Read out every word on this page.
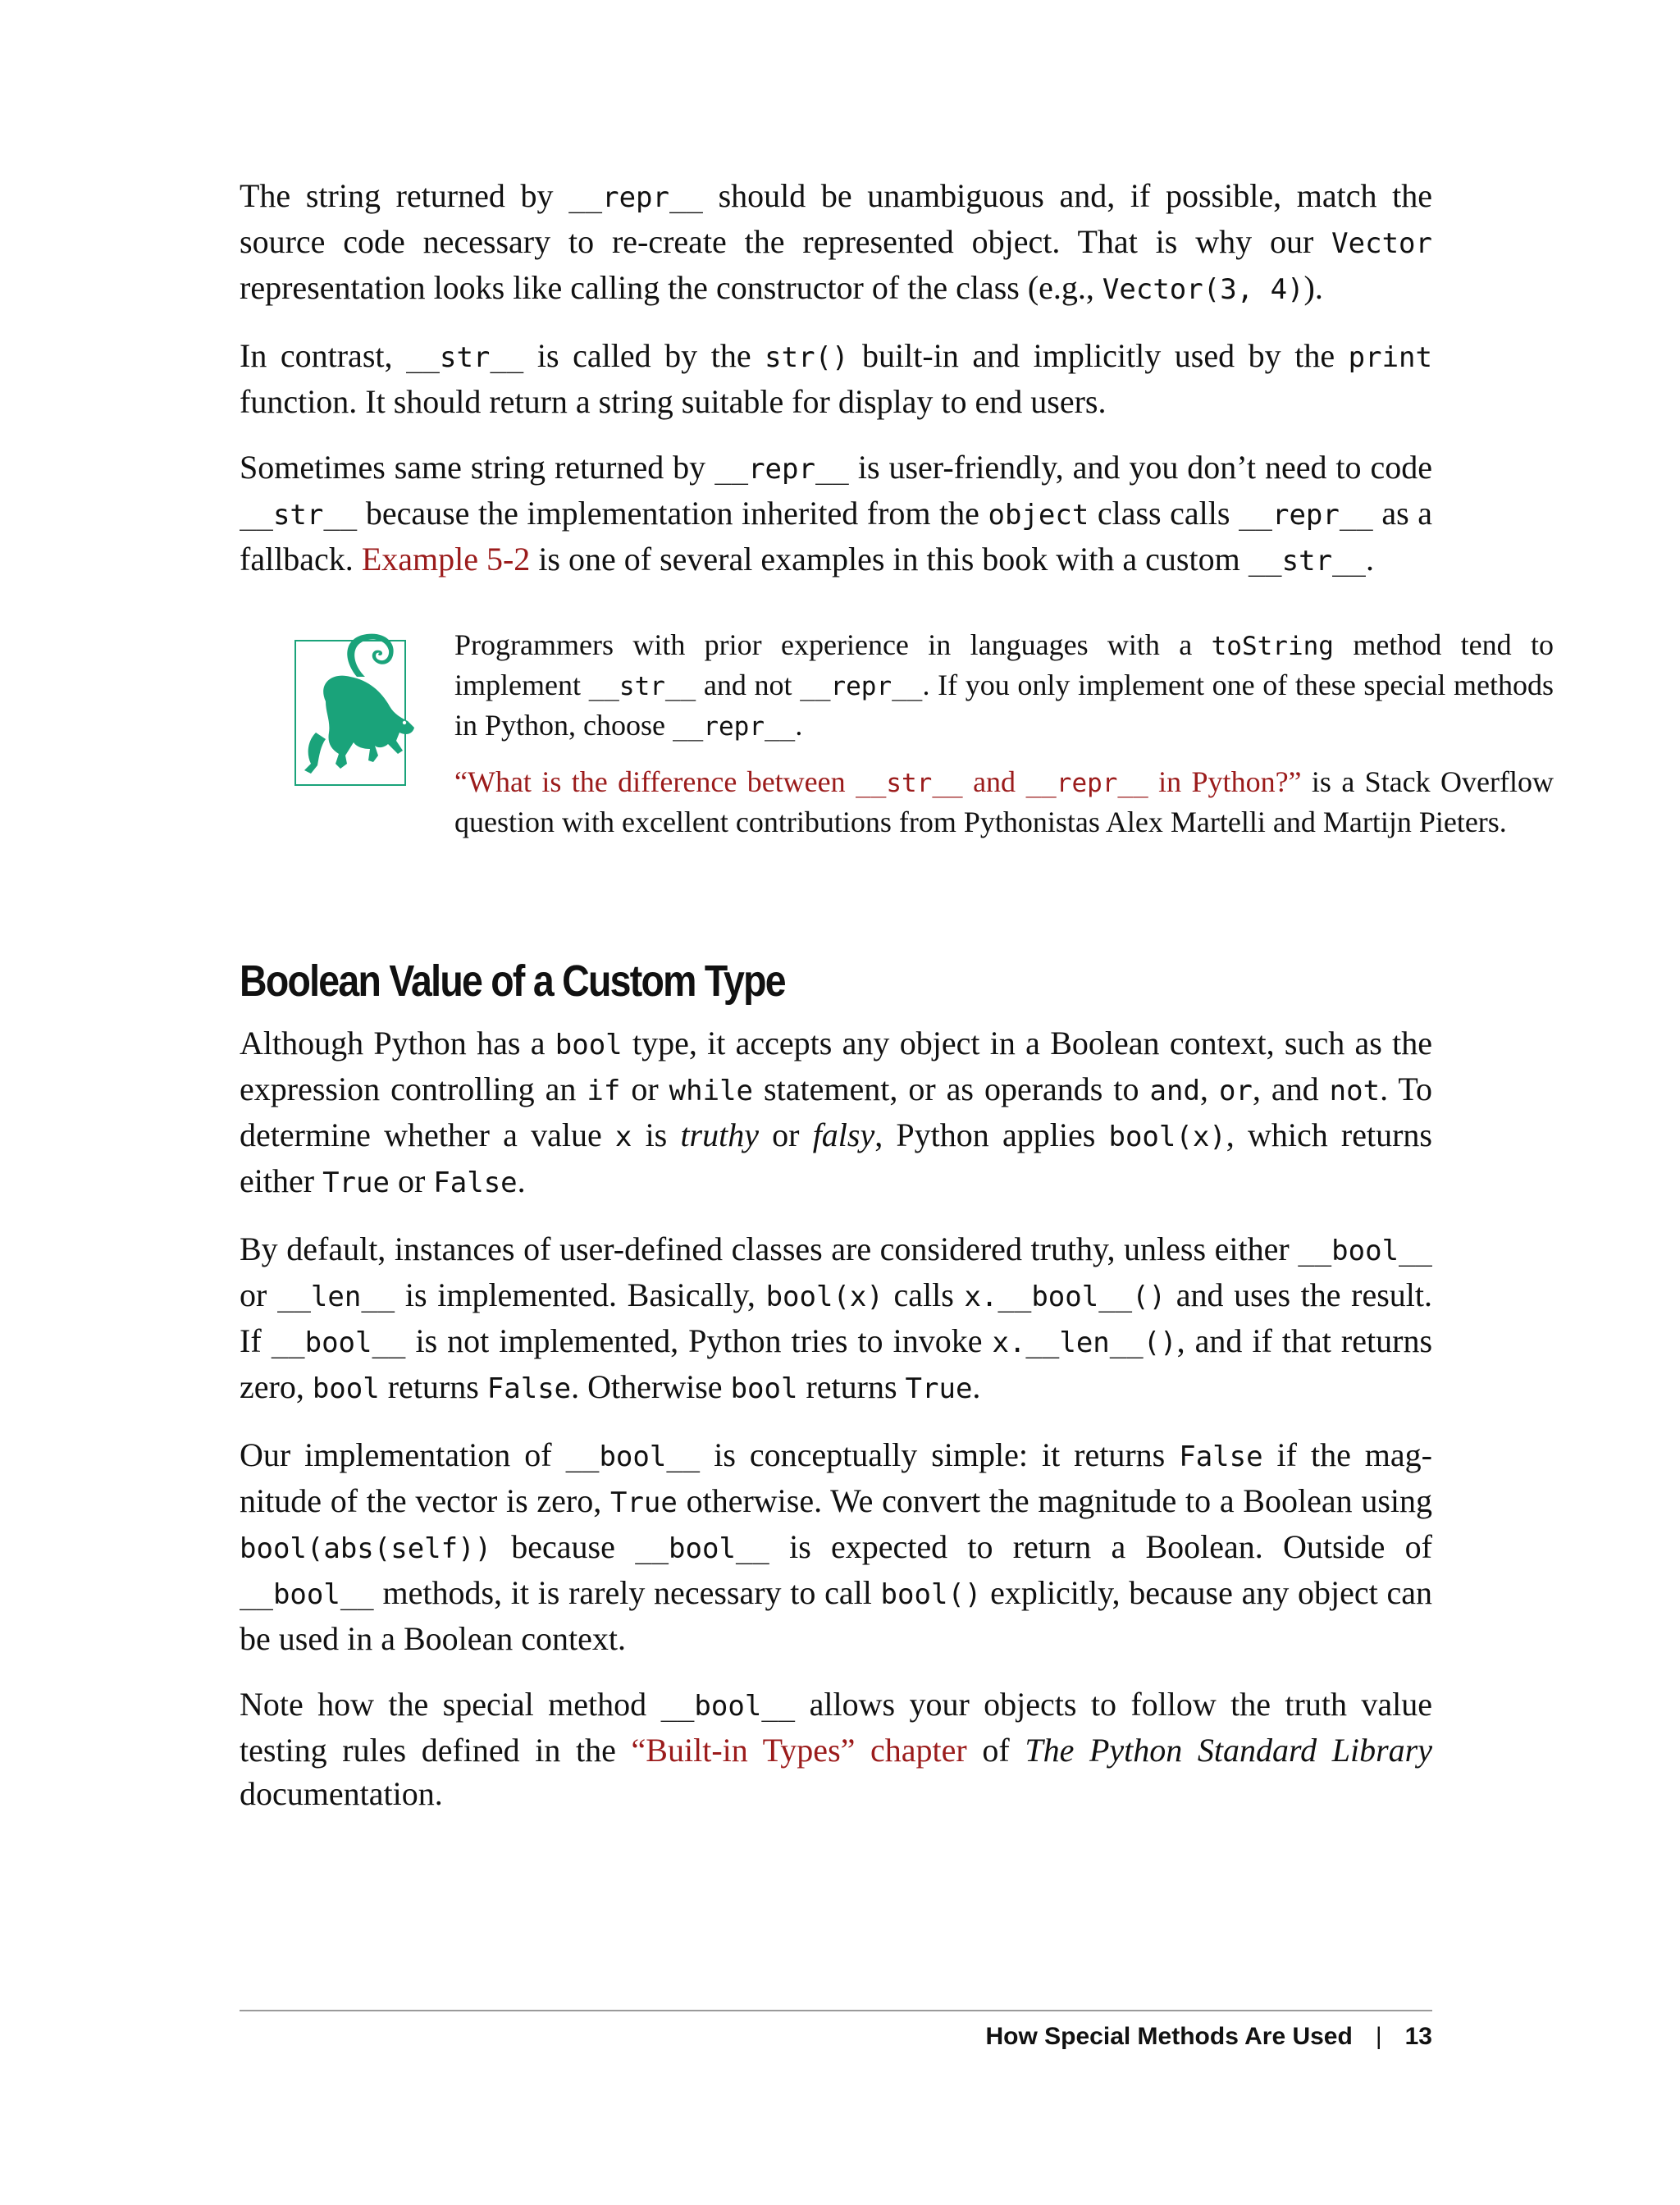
The string returned by __repr__ should be unambiguous and, if possible, match the source code necessary to re-create the represented object. That is why our Vector representation looks like calling the constructor of the class (e.g., Vector(3, 4)).

In contrast, __str__ is called by the str() built-in and implicitly used by the print function. It should return a string suitable for display to end users.

Sometimes same string returned by __repr__ is user-friendly, and you don’t need to code __str__ because the implementation inherited from the object class calls __repr__ as a fallback. Example 5-2 is one of several examples in this book with a custom __str__.

Programmers with prior experience in languages with a toString method tend to implement __str__ and not __repr__. If you only implement one of these special methods in Python, choose __repr__.

“What is the difference between __str__ and __repr__ in Python?” is a Stack Overflow question with excellent contributions from Pythonistas Alex Martelli and Martijn Pieters.

Boolean Value of a Custom Type

Although Python has a bool type, it accepts any object in a Boolean context, such as the expression controlling an if or while statement, or as operands to and, or, and not. To determine whether a value x is truthy or falsy, Python applies bool(x), which returns either True or False.

By default, instances of user-defined classes are considered truthy, unless either __bool__ or __len__ is implemented. Basically, bool(x) calls x.__bool__() and uses the result. If __bool__ is not implemented, Python tries to invoke x.__len__(), and if that returns zero, bool returns False. Otherwise bool returns True.

Our implementation of __bool__ is conceptually simple: it returns False if the magnitude of the vector is zero, True otherwise. We convert the magnitude to a Boolean using bool(abs(self)) because __bool__ is expected to return a Boolean. Outside of __bool__ methods, it is rarely necessary to call bool() explicitly, because any object can be used in a Boolean context.

Note how the special method __bool__ allows your objects to follow the truth value testing rules defined in the “Built-in Types” chapter of The Python Standard Library documentation.

How Special Methods Are Used | 13
